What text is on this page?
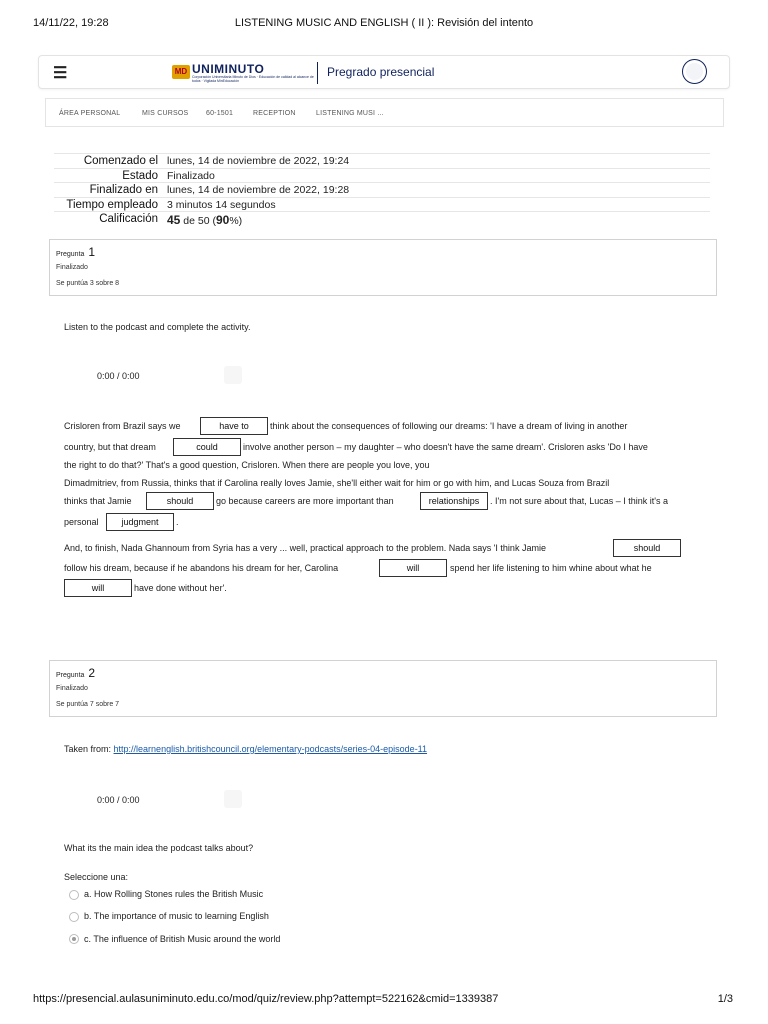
14/11/22, 19:28	LISTENING MUSIC AND ENGLISH ( II ): Revisión del intento
☰	MD UNIMINUTO
Corporación Universitaria Minuto de Dios · Educación de calidad al alcance de todos · Vigilada MinEducación
Pregrado presencial
ÁREA PERSONAL	MIS CURSOS	60-1501	RECEPTION	LISTENING MUSI ...
Comenzado el lunes, 14 de noviembre de 2022, 19:24
Estado Finalizado
Finalizado en lunes, 14 de noviembre de 2022, 19:28
Tiempo empleado 3 minutos 14 segundos
Calificación 45 de 50 (90%)
Pregunta 1
Finalizado
Se puntúa 3 sobre 8
Listen to the podcast and complete the activity.
0:00 / 0:00
Crisloren from Brazil says we	have to	think about the consequences of following our dreams: 'I have a dream of living in another
country, but that dream	could	involve another person – my daughter – who doesn't have the same dream'. Crisloren asks 'Do I have
the right to do that?' That's a good question, Crisloren. When there are people you love, you
Dimadmitriev, from Russia, thinks that if Carolina really loves Jamie, she'll either wait for him or go with him, and Lucas Souza from Brazil
thinks that Jamie	should	go because careers are more important than	relationships	. I'm not sure about that, Lucas – I think it's a
personal	judgment	.
And, to finish, Nada Ghannoum from Syria has a very ... well, practical approach to the problem. Nada says 'I think Jamie	should
follow his dream, because if he abandons his dream for her, Carolina	will	spend her life listening to him whine about what he
will	have done without her'.
Pregunta 2
Finalizado
Se puntúa 7 sobre 7
Taken from: http://learnenglish.britishcouncil.org/elementary-podcasts/series-04-episode-11
0:00 / 0:00
What its the main idea the podcast talks about?
Seleccione una:
a. How Rolling Stones rules the British Music
b. The importance of music to learning English
c. The influence of British Music around the world
https://presencial.aulasuniminuto.edu.co/mod/quiz/review.php?attempt=522162&cmid=1339387	1/3
